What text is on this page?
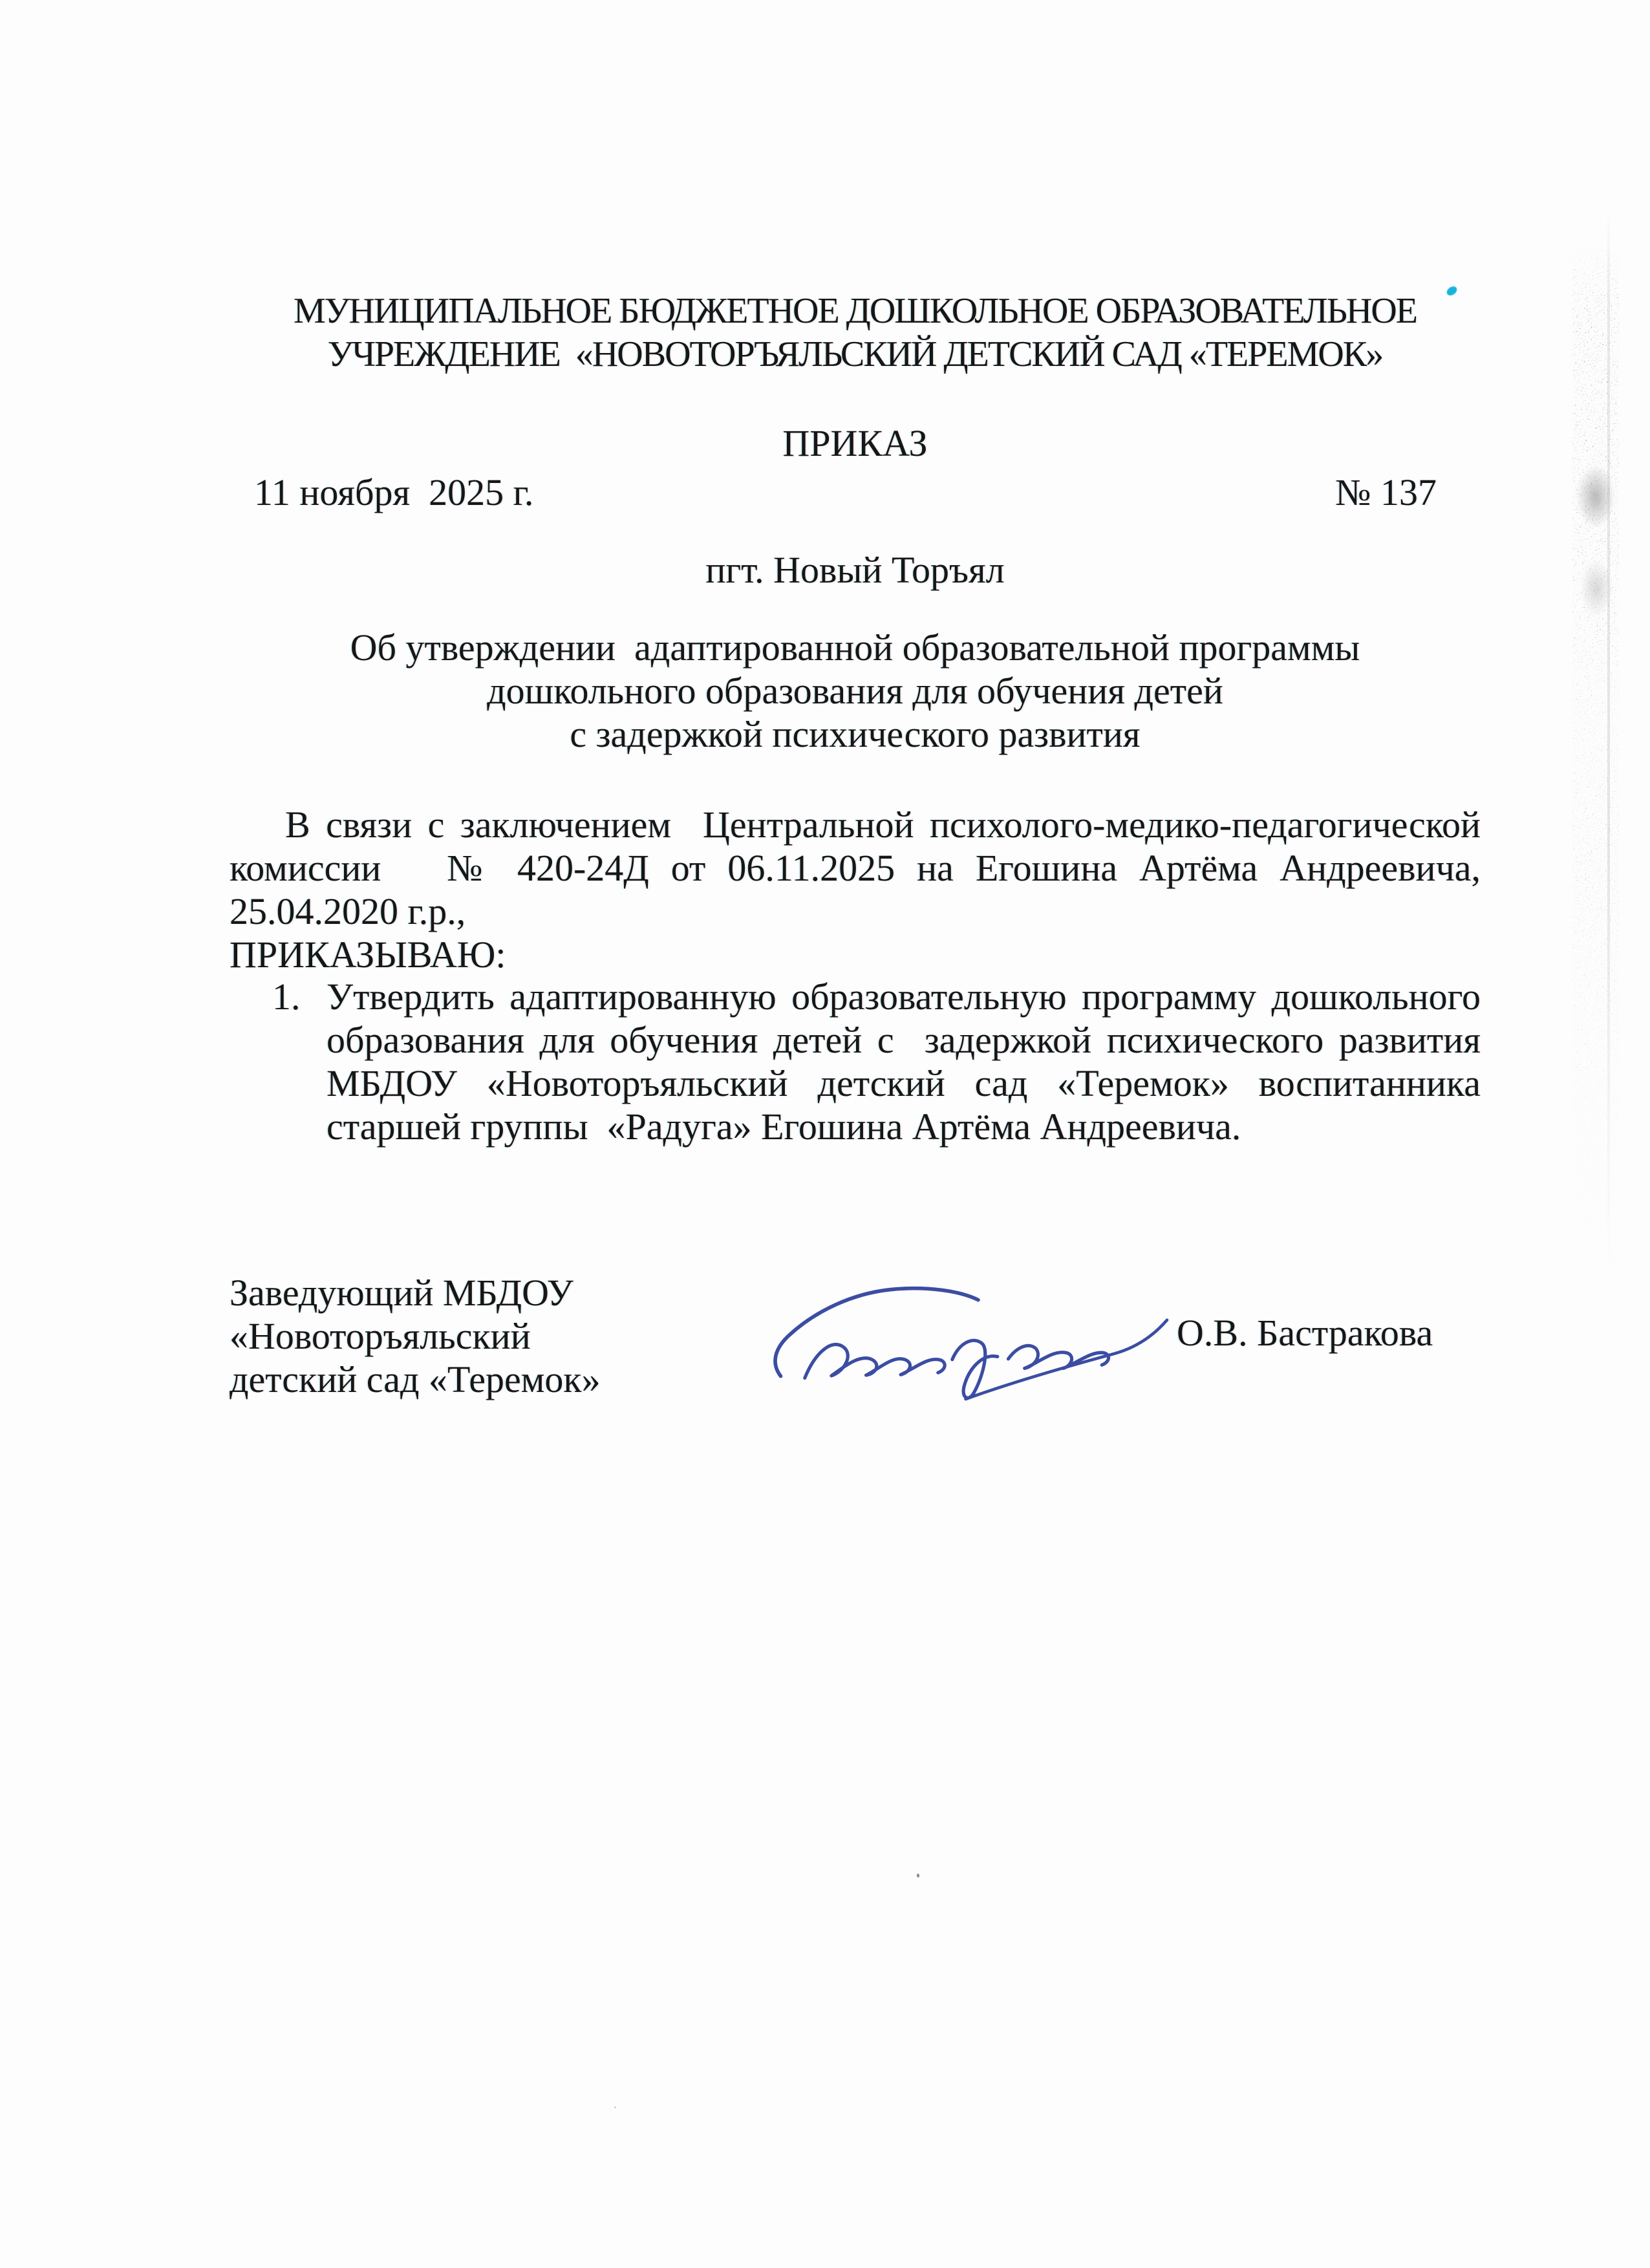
МУНИЦИПАЛЬНОЕ БЮДЖЕТНОЕ ДОШКОЛЬНОЕ ОБРАЗОВАТЕЛЬНОЕ
УЧРЕЖДЕНИЕ  «НОВОТОРЪЯЛЬСКИЙ ДЕТСКИЙ САД «ТЕРЕМОК»
ПРИКАЗ
11 ноября  2025 г.	№ 137
пгт. Новый Торъял
Об утверждении  адаптированной образовательной программы
дошкольного образования для обучения детей
с задержкой психического развития
В связи с заключением  Центральной психолого-медико-педагогической
комиссии   № 420-24Д от 06.11.2025 на Егошина Артёма Андреевича,
25.04.2020 г.р.,
ПРИКАЗЫВАЮ:
1. Утвердить адаптированную образовательную программу дошкольного
образования для обучения детей с  задержкой психического развития
МБДОУ «Новоторъяльский детский сад «Теремок» воспитанника
старшей группы  «Радуга» Егошина Артёма Андреевича.
Заведующий МБДОУ «Новоторъяльский
детский сад «Теремок»
О.В. Бастракова
